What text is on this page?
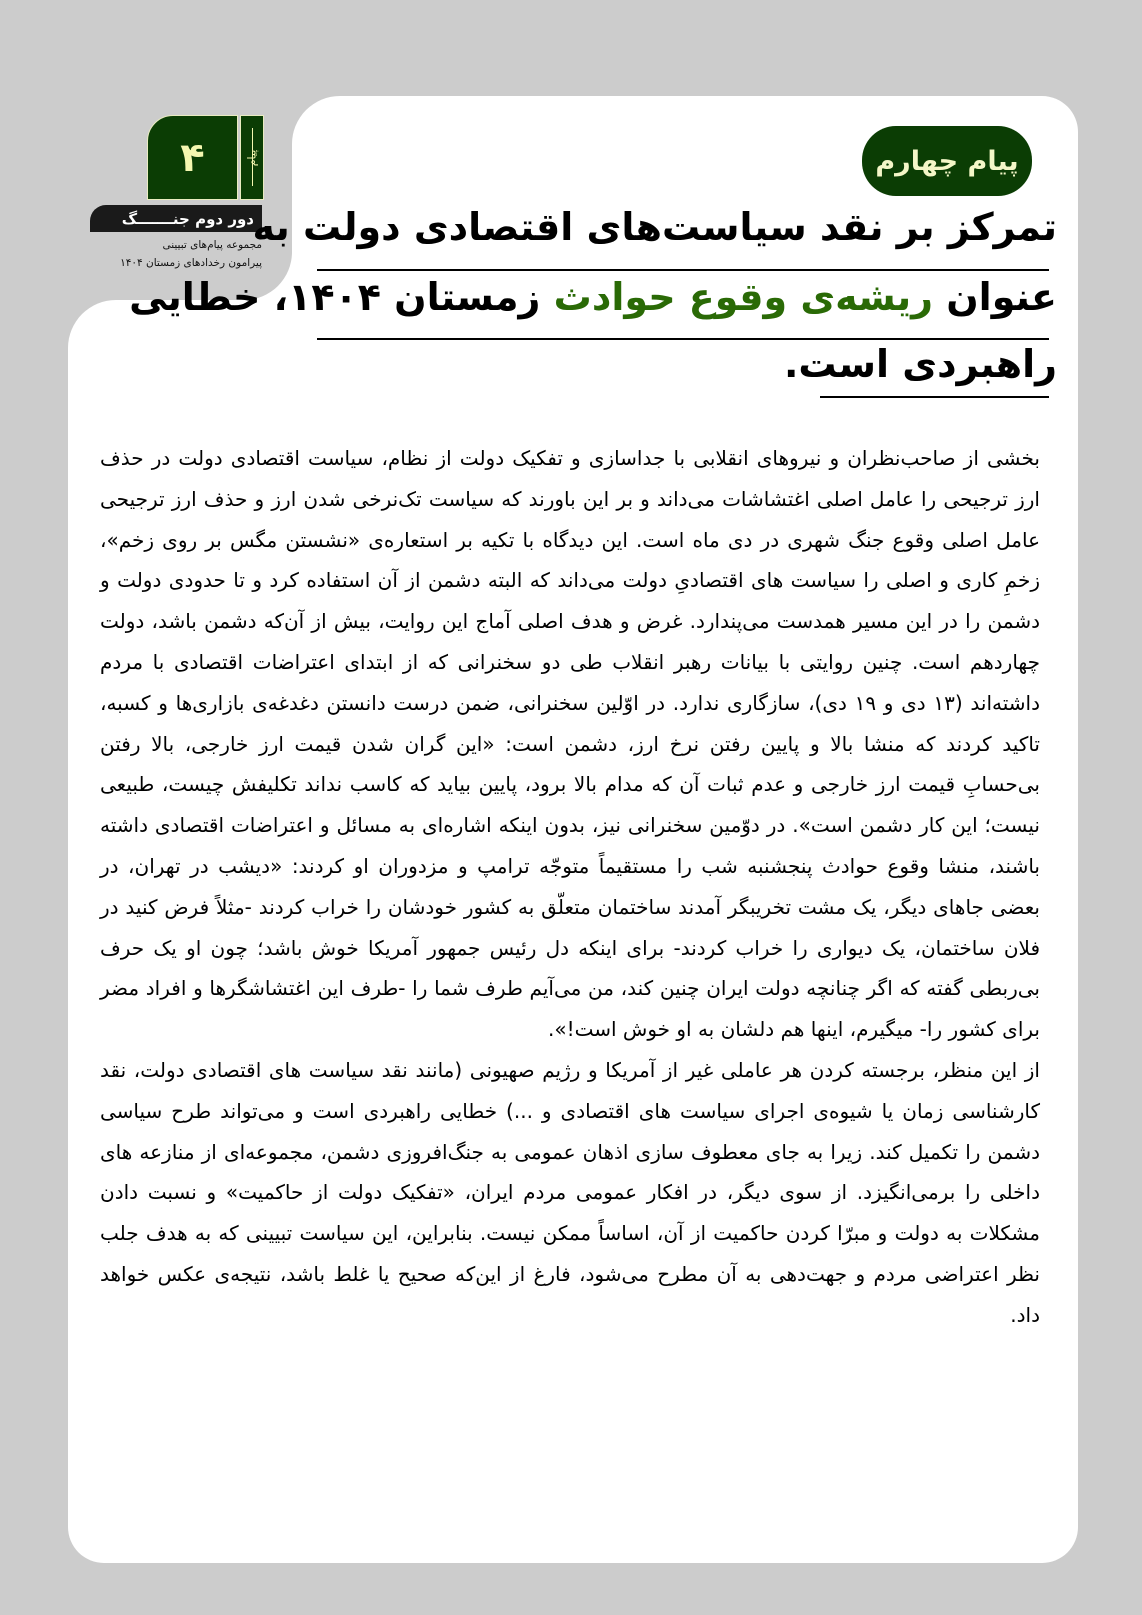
۴	پیام
دور دوم جنـــــــگ
مجموعه پیام‌های تبیینی
پیرامون رخدادهای زمستان ۱۴۰۴
پیام چهارم
تمرکز بر نقد سیاست‌های اقتصادی دولت به
عنوان ریشه‌ی وقوع حوادث زمستان ۱۴۰۴، خطایی
راهبردی است.

بخشی از صاحب‌نظران و نیروهای انقلابی با جداسازی و تفکیک دولت از نظام، سیاست اقتصادی دولت در حذف ارز ترجیحی را عامل اصلی اغتشاشات می‌داند و بر این باورند که سیاست تک‌نرخی شدن ارز و حذف ارز ترجیحی عامل اصلی وقوع جنگ شهری در دی ماه است. این دیدگاه با تکیه بر استعاره‌ی «نشستن مگس بر روی زخم»، زخمِ کاری و اصلی را سیاست های اقتصادیِ دولت می‌داند که البته دشمن از آن استفاده کرد و تا حدودی دولت و دشمن را در این مسیر همدست می‌پندارد. غرض و هدف اصلی آماج این روایت، بیش از آن‌که دشمن باشد، دولت چهاردهم است. چنین روایتی با بیانات رهبر انقلاب طی دو سخنرانی که از ابتدای اعتراضات اقتصادی با مردم داشته‌اند (۱۳ دی و ۱۹ دی)، سازگاری ندارد. در اوّلین سخنرانی، ضمن درست دانستن دغدغه‌ی بازاری‌ها و کسبه، تاکید کردند که منشا بالا و پایین رفتن نرخ ارز، دشمن است: «این گران شدن قیمت ارز خارجی، بالا رفتن بی‌حسابِ قیمت ارز خارجی و عدم ثبات آن که مدام بالا برود، پایین بیاید که کاسب نداند تکلیفش چیست، طبیعی نیست؛ این کار دشمن است». در دوّمین سخنرانی نیز، بدون اینکه اشاره‌ای به مسائل و اعتراضات اقتصادی داشته باشند، منشا وقوع حوادث پنجشنبه شب را مستقیماً متوجّه ترامپ و مزدوران او کردند: «دیشب در تهران، در بعضی جاهای دیگر، یک مشت تخریبگر آمدند ساختمان متعلّق به کشور خودشان را خراب کردند -مثلاً فرض کنید در فلان ساختمان، یک دیواری را خراب کردند- برای اینکه دل رئیس جمهور آمریکا خوش باشد؛ چون او یک حرف بی‌ربطی گفته که اگر چنانچه دولت ایران چنین کند، من می‌آیم طرف شما را -طرف این اغتشاشگرها و افراد مضر برای کشور را- میگیرم، اینها هم دلشان به او خوش است!».

از این منظر، برجسته کردن هر عاملی غیر از آمریکا و رژیم صهیونی (مانند نقد سیاست های اقتصادی دولت، نقد کارشناسی زمان یا شیوه‌ی اجرای سیاست های اقتصادی و ...) خطایی راهبردی است و می‌تواند طرح سیاسی دشمن را تکمیل کند. زیرا به جای معطوف سازی اذهان عمومی به جنگ‌افروزی دشمن، مجموعه‌ای از منازعه های داخلی را برمی‌انگیزد. از سوی دیگر، در افکار عمومی مردم ایران، «تفکیک دولت از حاکمیت» و نسبت دادن مشکلات به دولت و مبرّا کردن حاکمیت از آن، اساساً ممکن نیست. بنابراین، این سیاست تبیینی که به هدف جلب نظر اعتراضی مردم و جهت‌دهی به آن مطرح می‌شود، فارغ از این‌که صحیح یا غلط باشد، نتیجه‌ی عکس خواهد داد.
